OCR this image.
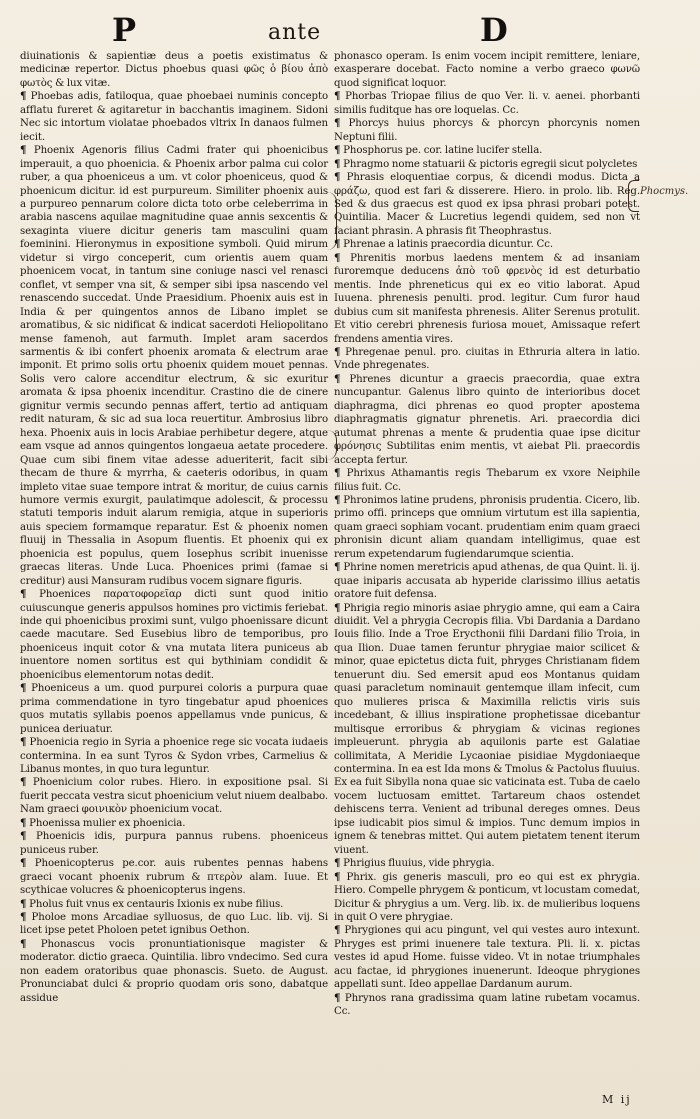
P	ante	D

diuinationis & sapientiæ deus a poetis existimatus & medicinæ repertor. Dictus phoebus quasi φῶς ὁ βίου ἀπὸ φωτὸς & lux vitæ.

¶ Phoebas adis, fatiloqua, quae phoebaei numinis concepto afflatu fureret & agitaretur in bacchantis imaginem. Sidoni Nec sic intortum violatae phoebados vltrix In danaos fulmen iecit.

¶ Phoenix Agenoris filius Cadmi frater qui phoenicibus imperauit, a quo phoenicia. & Phoenix arbor palma cui color ruber, a qua phoeniceus a um. vt color phoeniceus, quod & phoenicum dicitur. id est purpureum. Similiter phoenix auis a purpureo pennarum colore dicta toto orbe celeberrima in arabia nascens aquilae magnitudine quae annis sexcentis & sexaginta viuere dicitur generis tam masculini quam foeminini. Hieronymus in expositione symboli. Quid mirum videtur si virgo conceperit, cum orientis auem quam phoenicem vocat, in tantum sine coniuge nasci vel renasci conflet, vt semper vna sit, & semper sibi ipsa nascendo vel renascendo succedat. Unde Praesidium. Phoenix auis est in India & per quingentos annos de Libano implet se aromatibus, & sic nidificat & indicat sacerdoti Heliopolitano mense famenoh, aut farmuth. Implet aram sacerdos sarmentis & ibi confert phoenix aromata & electrum arae imponit. Et primo solis ortu phoenix quidem mouet pennas. Solis vero calore accenditur electrum, & sic exuritur aromata & ipsa phoenix incenditur. Crastino die de cinere gignitur vermis secundo pennas affert, tertio ad antiquam redit naturam, & sic ad sua loca reuertitur. Ambrosius libro hexa. Phoenix auis in locis Arabiae perhibetur degere, atque eam vsque ad annos quingentos longaeua aetate procedere. Quae cum sibi finem vitae adesse adueriterit, facit sibi thecam de thure & myrrha, & caeteris odoribus, in quam impleto vitae suae tempore intrat & moritur, de cuius carnis humore vermis exurgit, paulatimque adolescit, & processu statuti temporis induit alarum remigia, atque in superioris auis speciem formamque reparatur. Est & phoenix nomen fluuij in Thessalia in Asopum fluentis. Et phoenix qui ex phoenicia est populus, quem Iosephus scribit inuenisse graecas literas. Unde Luca. Phoenices primi (famae si creditur) ausi Mansuram rudibus vocem signare figuris.

¶ Phoenices παρατοφορεῖαρ dicti sunt quod initio cuiuscunque generis appulsos homines pro victimis feriebat. inde qui phoenicibus proximi sunt, vulgo phoenissare dicunt caede macutare. Sed Eusebius libro de temporibus, pro phoeniceus inquit cotor & vna mutata litera puniceus ab inuentore nomen sortitus est qui bythiniam condidit & phoenicibus elementorum notas dedit.

¶ Phoeniceus a um. quod purpurei coloris a purpura quae prima commendatione in tyro tingebatur apud phoenices quos mutatis syllabis poenos appellamus vnde punicus, & punicea deriuatur.

¶ Phoenicia regio in Syria a phoenice rege sic vocata iudaeis contermina. In ea sunt Tyros & Sydon vrbes, Carmelius & Libanus montes, in quo tura leguntur.

¶ Phoenicium color rubes. Hiero. in expositione psal. Si fuerit peccata vestra sicut phoenicium velut niuem dealbabo. Nam graeci φοινικὸν phoenicium vocat.

¶ Phoenissa mulier ex phoenicia.

¶ Phoenicis idis, purpura pannus rubens. phoeniceus puniceus ruber.

¶ Phoenicopterus pe.cor. auis rubentes pennas habens graeci vocant phoenix rubrum & πτερὸν alam. Iuue. Et scythicae volucres & phoenicopterus ingens.

¶ Pholus fuit vnus ex centauris Ixionis ex nube filius.

¶ Pholoe mons Arcadiae sylluosus, de quo Luc. lib. vij. Si licet ipse petet Pholoen petet ignibus Oethon.

¶ Phonascus vocis pronuntiationisque magister & moderator. dictio graeca. Quintilia. libro vndecimo. Sed cura non eadem oratoribus quae phonascis. Sueto. de August. Pronunciabat dulci & proprio quodam oris sono, dabatque assidue

phonasco operam. Is enim vocem incipit remittere, leniare, exasperare docebat. Facto nomine a verbo graeco φωνῶ quod significat loquor.

¶ Phorbas Triopae filius de quo Ver. li. v. aenei. phorbanti similis fuditque has ore loquelas. Cc.

¶ Phorcys huius phorcys & phorcyn phorcynis nomen Neptuni filii.

¶ Phosphorus pe. cor. latine lucifer stella.

¶ Phragmo nome statuarii & pictoris egregii sicut polycletes

¶ Phrasis eloquentiae corpus, & dicendi modus. Dicta a φράζω, quod est fari & disserere. Hiero. in prolo. lib. Reg. Sed & dus graecus est quod ex ipsa phrasi probari potest. Quintilia. Macer & Lucretius legendi quidem, sed non vt faciant phrasin. A phrasis fit Theophrastus.

¶ Phrenae a latinis praecordia dicuntur. Cc.

¶ Phrenitis morbus laedens mentem & ad insaniam furoremque deducens ἀπὸ τοῦ φρενὸς id est deturbatio mentis. Inde phreneticus qui ex eo vitio laborat. Apud Iuuena. phrenesis penulti. prod. legitur. Cum furor haud dubius cum sit manifesta phrenesis. Aliter Serenus protulit. Et vitio cerebri phrenesis furiosa mouet, Amissaque refert frendens amentia vires.

¶ Phregenae penul. pro. ciuitas in Ethruria altera in latio. Vnde phregenates.

¶ Phrenes dicuntur a graecis praecordia, quae extra nuncupantur. Galenus libro quinto de interioribus docet diaphragma, dici phrenas eo quod propter apostema diaphragmatis gignatur phrenetis. Ari. praecordia dici autumat phrenas a mente & prudentia quae ipse dicitur φρόνησις Subtilitas enim mentis, vt aiebat Pli. praecordis accepta fertur.

¶ Phrixus Athamantis regis Thebarum ex vxore Neiphile filius fuit. Cc.

¶ Phronimos latine prudens, phronisis prudentia. Cicero, lib. primo offi. princeps que omnium virtutum est illa sapientia, quam graeci sophiam vocant. prudentiam enim quam graeci phronisin dicunt aliam quandam intelligimus, quae est rerum expetendarum fugiendarumque scientia.

¶ Phrine nomen meretricis apud athenas, de qua Quint. li. ij. quae iniparis accusata ab hyperide clarissimo illius aetatis oratore fuit defensa.

¶ Phrigia regio minoris asiae phrygio amne, qui eam a Caira diuidit. Vel a phrygia Cecropis filia. Vbi Dardania a Dardano Iouis filio. Inde a Troe Erycthonii filii Dardani filio Troia, in qua Ilion. Duae tamen feruntur phrygiae maior scilicet & minor, quae epictetus dicta fuit, phryges Christianam fidem tenuerunt diu. Sed emersit apud eos Montanus quidam quasi paracletum nominauit gentemque illam infecit, cum quo mulieres prisca & Maximilla relictis viris suis incedebant, & illius inspiratione prophetissae dicebantur multisque erroribus & phrygiam & vicinas regiones impleuerunt. phrygia ab aquilonis parte est Galatiae collimitata, A Meridie Lycaoniae pisidiae Mygdoniaeque contermina. In ea est Ida mons & Tmolus & Pactolus fluuius. Ex ea fuit Sibylla nona quae sic vaticinata est. Tuba de caelo vocem luctuosam emittet. Tartareum chaos ostendet dehiscens terra. Venient ad tribunal dereges omnes. Deus ipse iudicabit pios simul & impios. Tunc demum impios in ignem & tenebras mittet. Qui autem pietatem tenent iterum viuent.

¶ Phrigius fluuius, vide phrygia.

¶ Phrix. gis generis masculi, pro eo qui est ex phrygia. Hiero. Compelle phrygem & ponticum, vt locustam comedat, Dicitur & phrygius a um. Verg. lib. ix. de mulieribus loquens in quit O vere phrygiae.

¶ Phrygiones qui acu pingunt, vel qui vestes auro intexunt. Phryges est primi inuenere tale textura. Pli. li. x. pictas vestes id apud Home. fuisse video. Vt in notae triumphales acu factae, id phrygiones inuenerunt. Ideoque phrygiones appellati sunt. Ideo appellae Dardanum aurum.

¶ Phrynos rana gradissima quam latine rubetam vocamus. Cc.

Phocmys.
M ij
